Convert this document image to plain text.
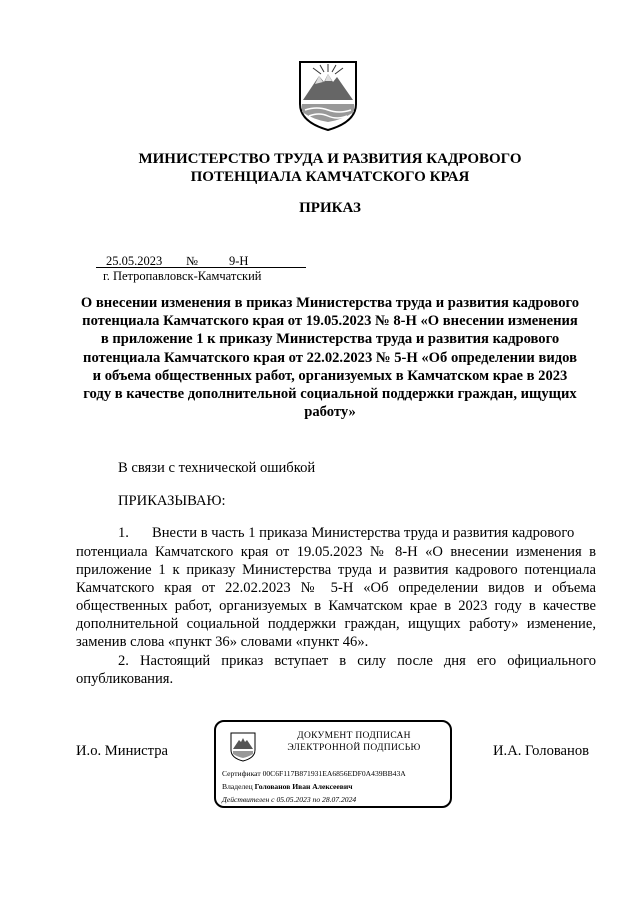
МИНИСТЕРСТВО ТРУДА И РАЗВИТИЯ КАДРОВОГО
ПОТЕНЦИАЛА КАМЧАТСКОГО КРАЯ
ПРИКАЗ
25.05.2023 № 9-Н
г. Петропавловск-Камчатский
О внесении изменения в приказ Министерства труда и развития кадрового
потенциала Камчатского края от 19.05.2023 № 8-Н «О внесении изменения
в приложение 1 к приказу Министерства труда и развития кадрового
потенциала Камчатского края от 22.02.2023 № 5-Н «Об определении видов
и объема общественных работ, организуемых в Камчатском крае в 2023
году в качестве дополнительной социальной поддержки граждан, ищущих
работу»
В связи с технической ошибкой
ПРИКАЗЫВАЮ:
1. Внести в часть 1 приказа Министерства труда и развития кадрового
потенциала Камчатского края от 19.05.2023 № 8-Н «О внесении изменения в
приложение 1 к приказу Министерства труда и развития кадрового потенциала
Камчатского края от 22.02.2023 № 5-Н «Об определении видов и объема
общественных работ, организуемых в Камчатском крае в 2023 году в качестве
дополнительной социальной поддержки граждан, ищущих работу» изменение,
заменив слова «пункт 36» словами «пункт 46».
2. Настоящий приказ вступает в силу после дня его официального
опубликования.
И.о. Министра	И.А. Голованов
ДОКУМЕНТ ПОДПИСАН
ЭЛЕКТРОННОЙ ПОДПИСЬЮ
Сертификат 00C6F117B871931EA6856EDF0A439BB43A
Владелец Голованов Иван Алексеевич
Действителен с 05.05.2023 по 28.07.2024
